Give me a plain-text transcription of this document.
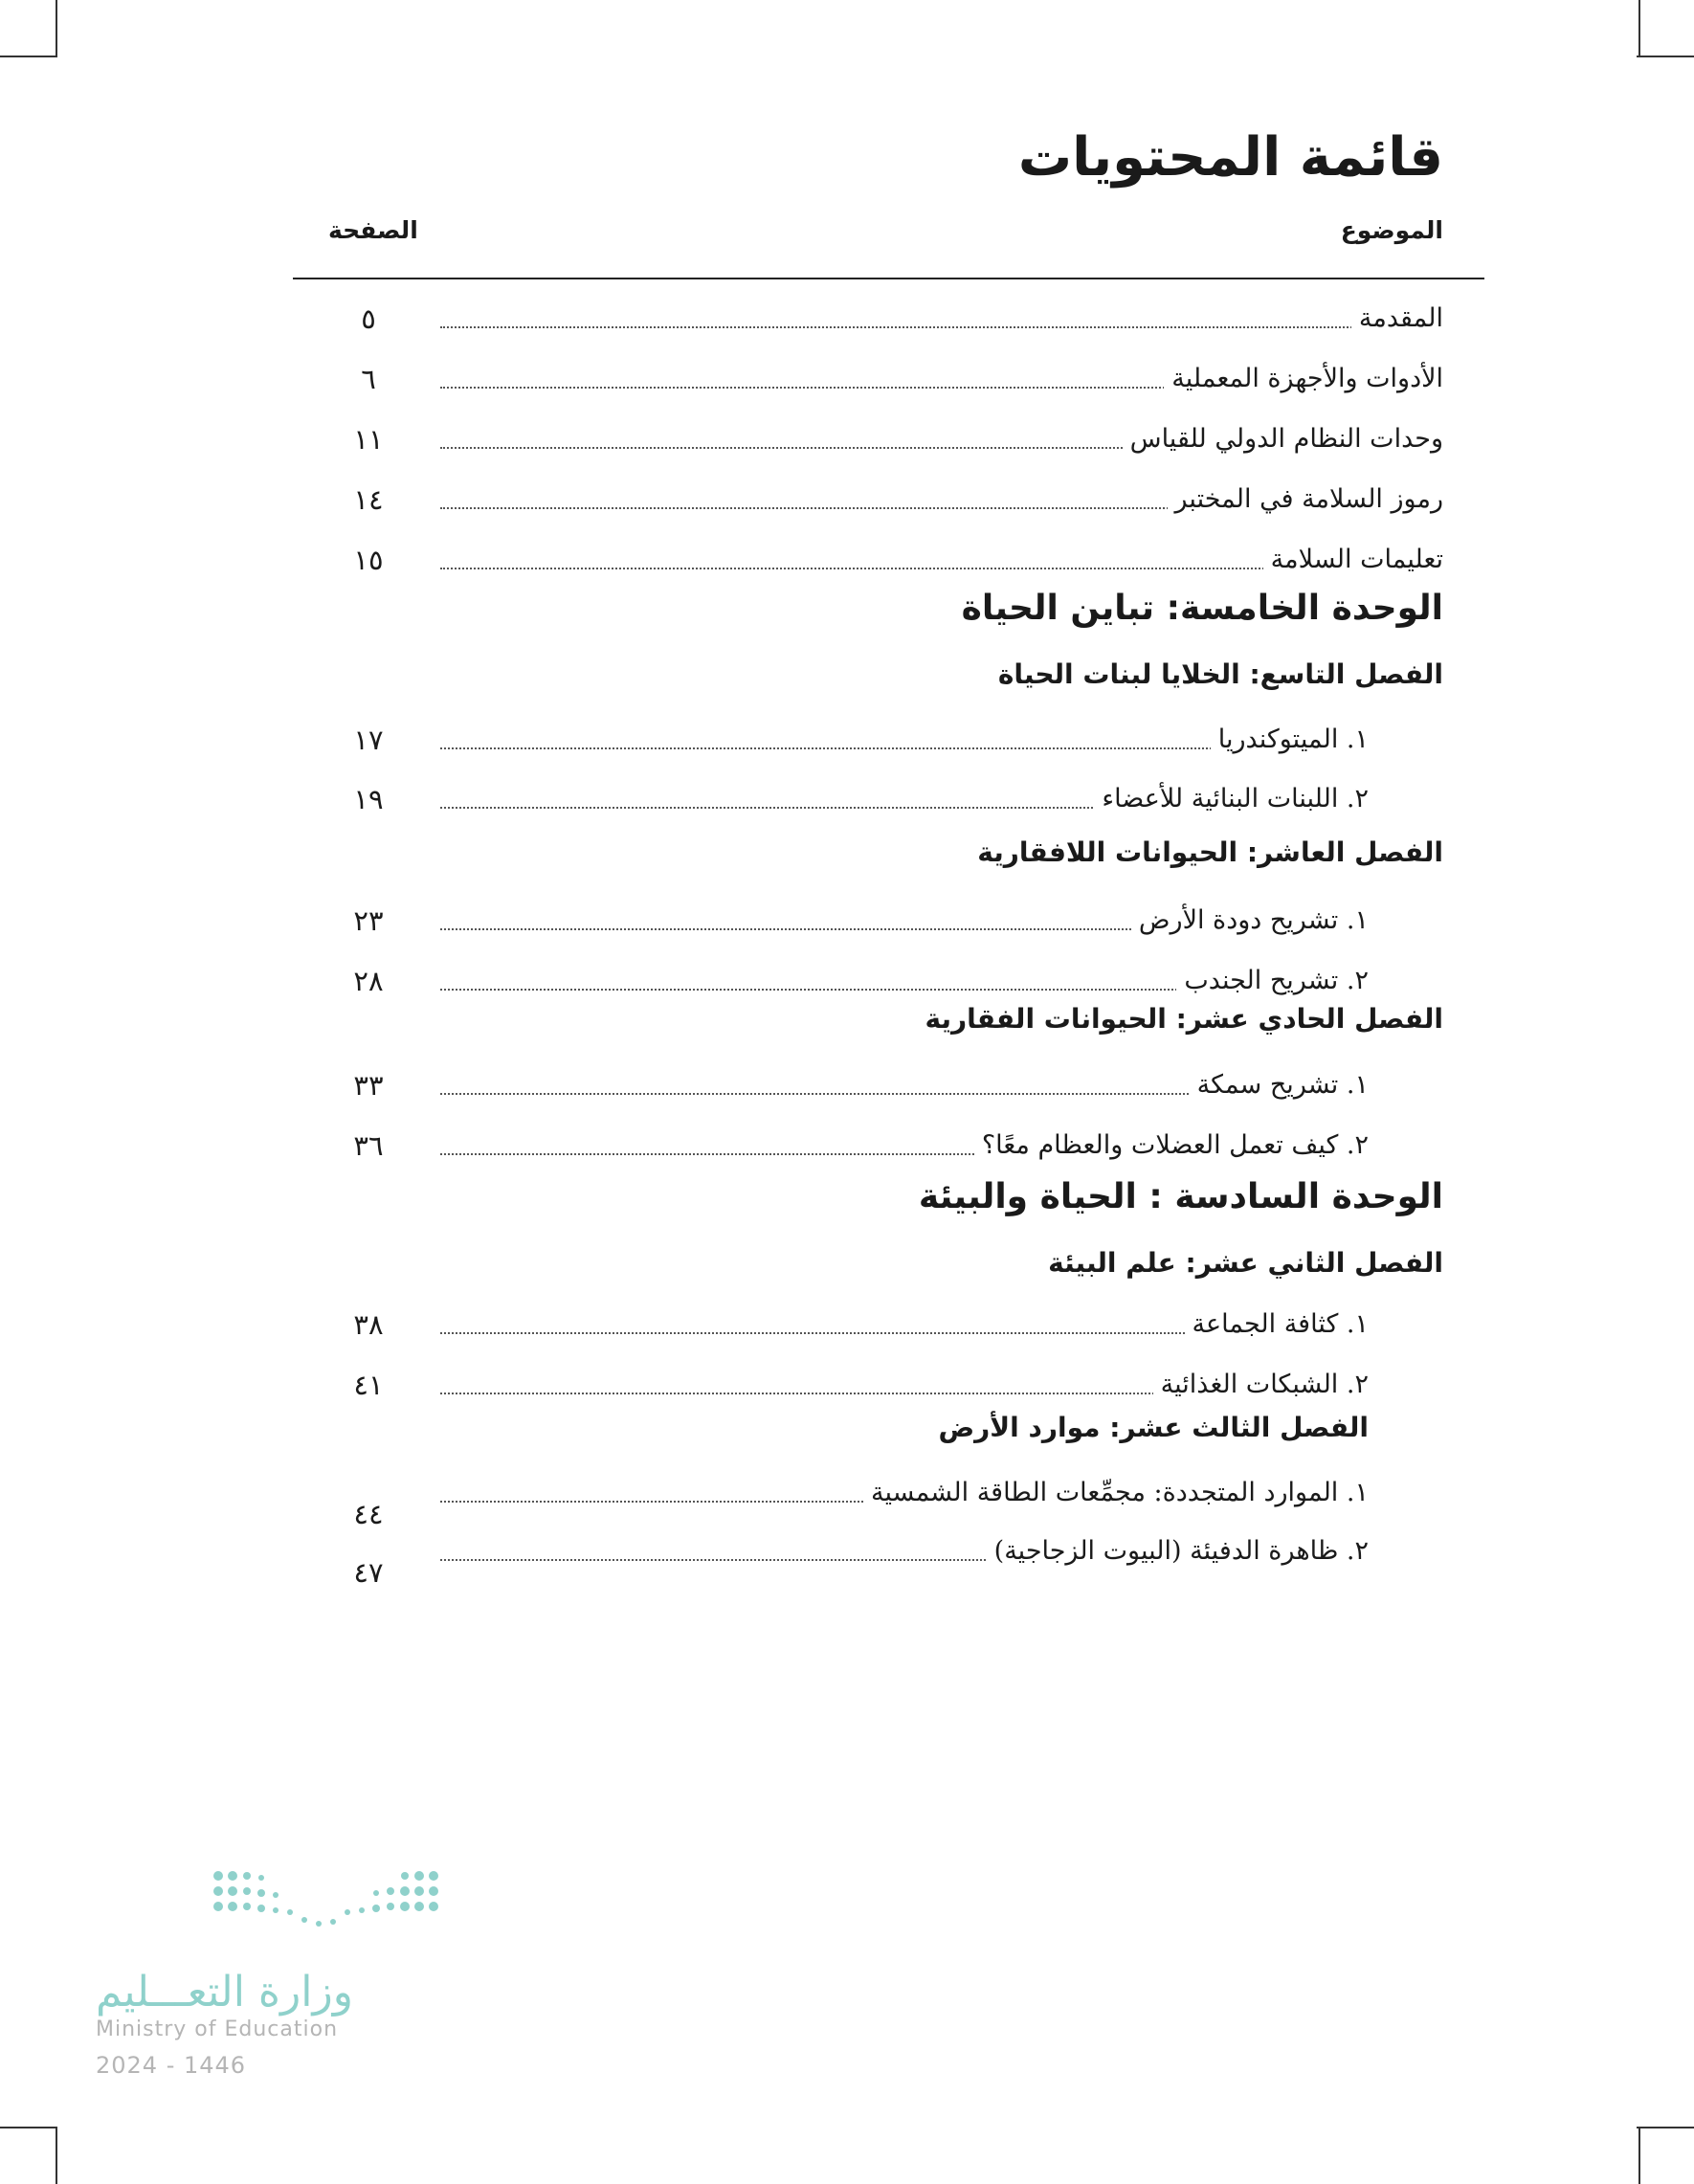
قائمة المحتويات
الموضوع
الصفحة
المقدمة
٥
الأدوات والأجهزة المعملية
٦
وحدات النظام الدولي للقياس
١١
رموز السلامة في المختبر
١٤
تعليمات السلامة
١٥
الوحدة الخامسة: تباين الحياة
الفصل التاسع: الخلايا لبنات الحياة
١. الميتوكندريا
١٧
٢. اللبنات البنائية للأعضاء
١٩
الفصل العاشر: الحيوانات اللافقارية
١. تشريح دودة الأرض
٢٣
٢. تشريح الجندب
٢٨
الفصل الحادي عشر: الحيوانات الفقارية
١. تشريح سمكة
٣٣
٢. كيف تعمل العضلات والعظام معًا؟
٣٦
الوحدة السادسة : الحياة والبيئة
الفصل الثاني عشر: علم البيئة
١. كثافة الجماعة
٣٨
٢. الشبكات الغذائية
٤١
الفصل الثالث عشر: موارد الأرض
١. الموارد المتجددة: مجمِّعات الطاقة الشمسية
٤٤
٢. ظاهرة الدفيئة (البيوت الزجاجية)
٤٧
وزارة التعـــليم
Ministry of Education
2024 - 1446
